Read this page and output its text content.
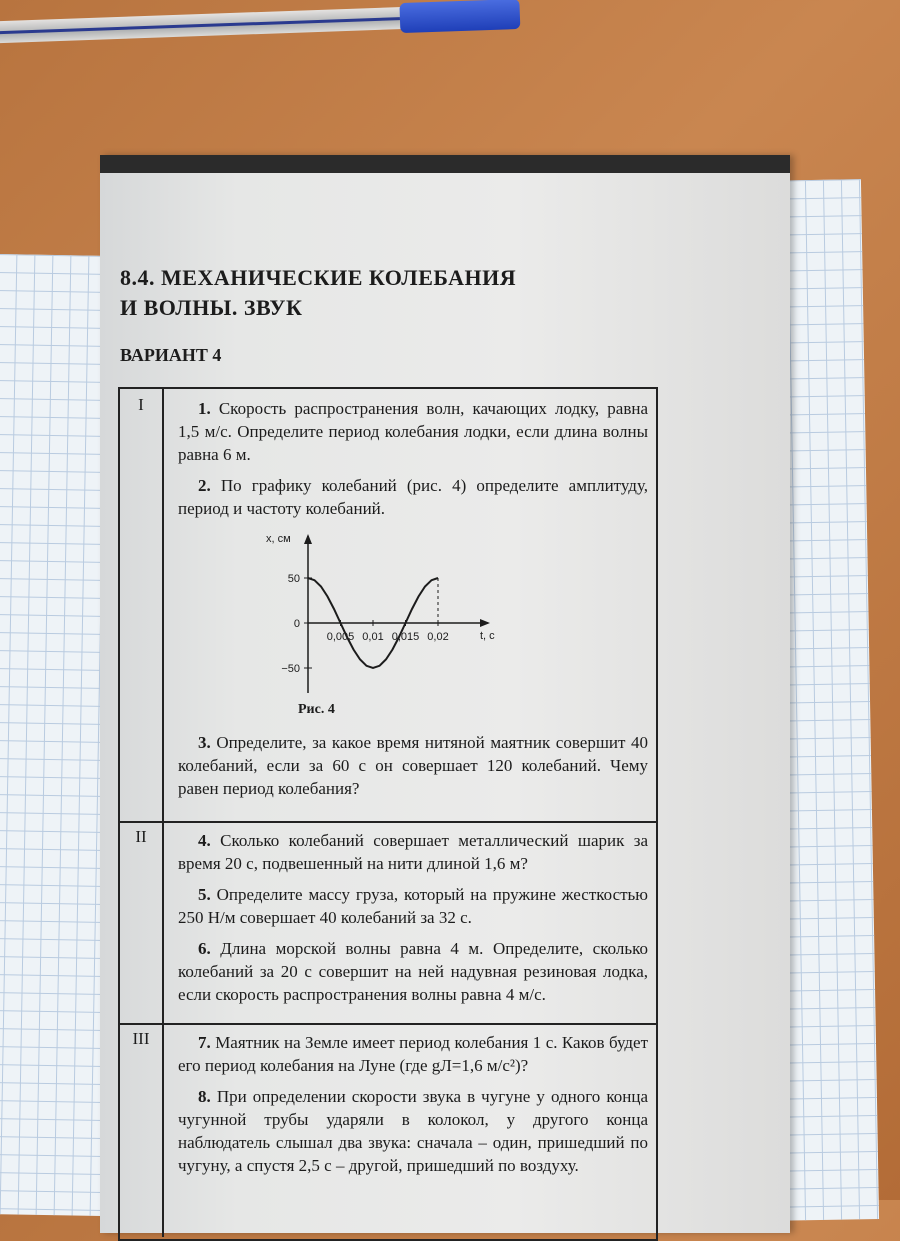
8.4. МЕХАНИЧЕСКИЕ КОЛЕБАНИЯ
И ВОЛНЫ. ЗВУК
ВАРИАНТ 4
I	1. Скорость распространения волн, качающих лодку, равна 1,5 м/с. Определите период колебания лодки, если длина волны равна 6 м.

2. По графику колебаний (рис. 4) определите амплитуду, период и частоту колебаний.

x, см
t, с
50
0
−50
0,005 0,01 0,015 0,02

Рис. 4

3. Определите, за какое время нитяной маятник совершит 40 колебаний, если за 60 с он совершает 120 колебаний. Чему равен период колебания?

II	4. Сколько колебаний совершает металлический шарик за время 20 с, подвешенный на нити длиной 1,6 м?

5. Определите массу груза, который на пружине жесткостью 250 Н/м совершает 40 колебаний за 32 с.

6. Длина морской волны равна 4 м. Определите, сколько колебаний за 20 с совершит на ней надувная резиновая лодка, если скорость распространения волны равна 4 м/с.

III	7. Маятник на Земле имеет период колебания 1 с. Каков будет его период колебания на Луне (где gЛ=1,6 м/с²)?

8. При определении скорости звука в чугуне у одного конца чугунной трубы ударяли в колокол, у другого конца наблюдатель слышал два звука: сначала – один, пришедший по чугуну, а спустя 2,5 с – другой, пришедший по воздуху.
